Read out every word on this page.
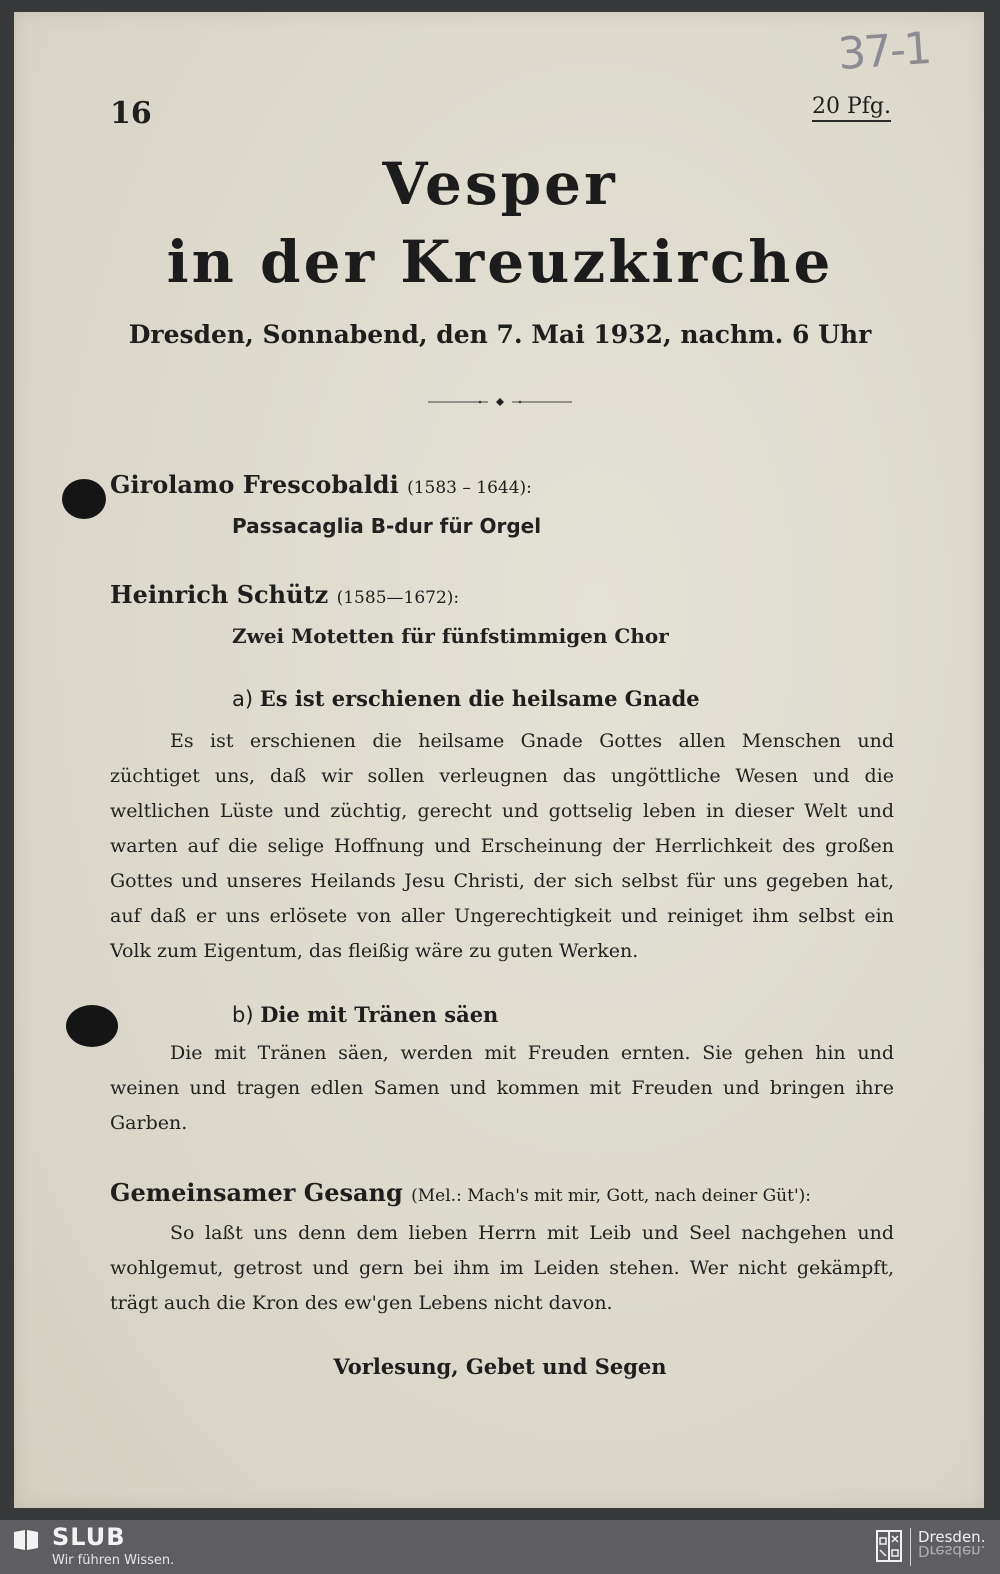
37-1
16	20 Pfg.
Vesper
in der Kreuzkirche
Dresden, Sonnabend, den 7. Mai 1932, nachm. 6 Uhr
Girolamo Frescobaldi (1583 – 1644):
Passacaglia B-dur für Orgel
Heinrich Schütz (1585—1672):
Zwei Motetten für fünfstimmigen Chor
a) Es ist erschienen die heilsame Gnade
Es ist erschienen die heilsame Gnade Gottes allen Menschen und züchtiget uns, daß wir sollen verleugnen das ungöttliche Wesen und die weltlichen Lüste und züchtig, gerecht und gottselig leben in dieser Welt und warten auf die selige Hoffnung und Erscheinung der Herrlichkeit des großen Gottes und unseres Heilands Jesu Christi, der sich selbst für uns gegeben hat, auf daß er uns erlösete von aller Ungerechtigkeit und reiniget ihm selbst ein Volk zum Eigentum, das fleißig wäre zu guten Werken.
b) Die mit Tränen säen
Die mit Tränen säen, werden mit Freuden ernten. Sie gehen hin und weinen und tragen edlen Samen und kommen mit Freuden und bringen ihre Garben.
Gemeinsamer Gesang (Mel.: Mach's mit mir, Gott, nach deiner Güt'):
So laßt uns denn dem lieben Herrn mit Leib und Seel nachgehen und wohlgemut, getrost und gern bei ihm im Leiden stehen. Wer nicht gekämpft, trägt auch die Kron des ew'gen Lebens nicht davon.
Vorlesung, Gebet und Segen
SLUB
Wir führen Wissen.
Dresden.
Dresden.
